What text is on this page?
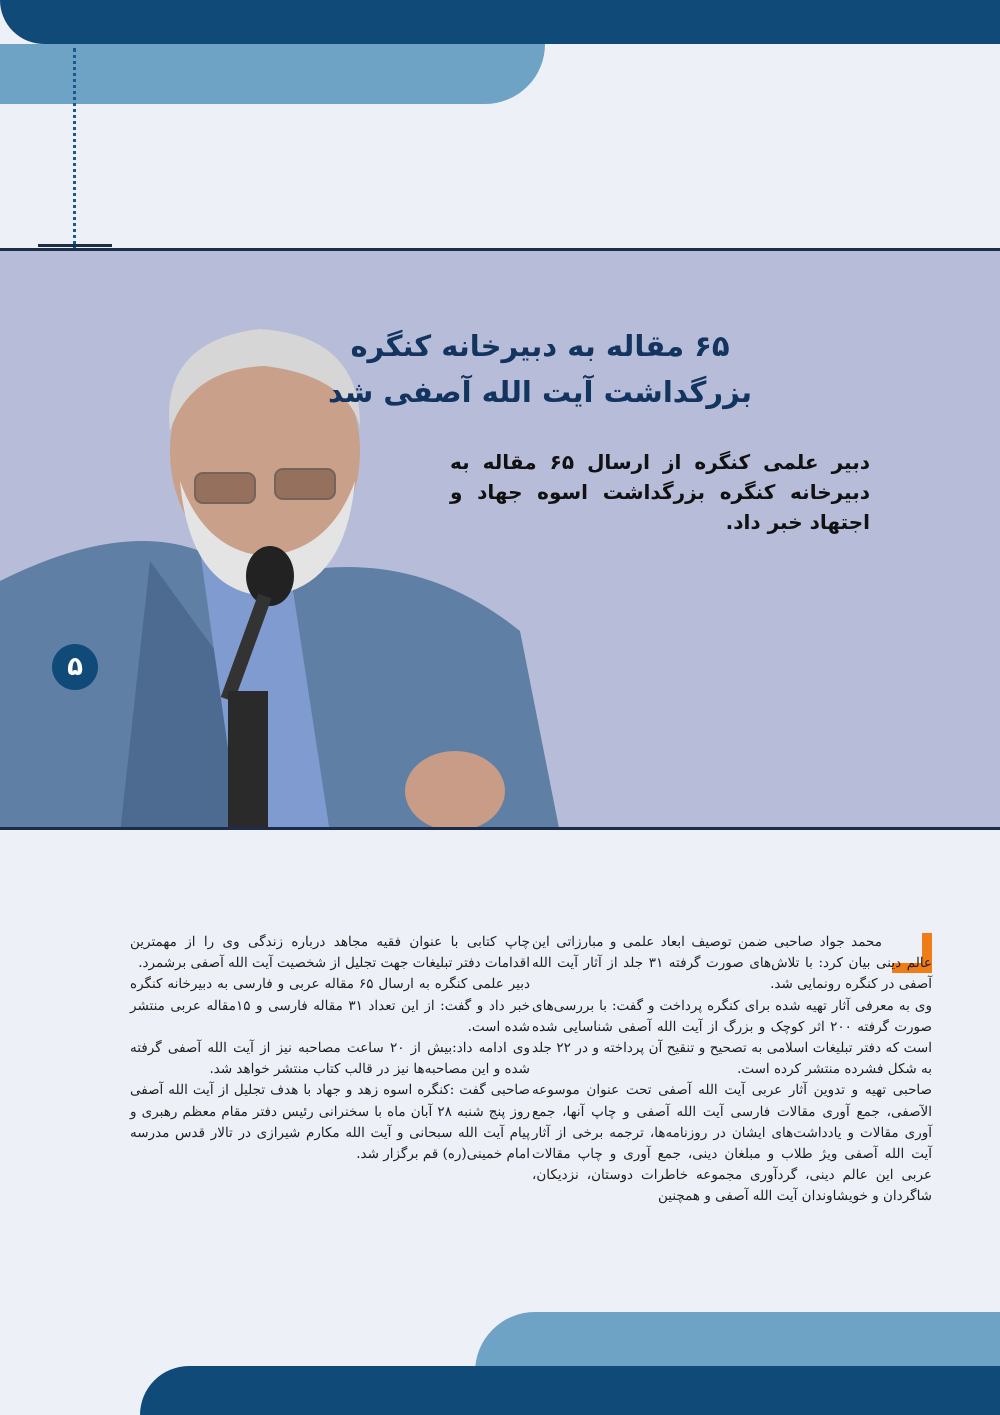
۶۵ مقاله به دبیرخانه کنگره
بزرگداشت آیت الله آصفی شد
دبیر علمی کنگره از ارسال ۶۵ مقاله به دبیرخانه کنگره بزرگداشت اسوه جهاد و اجتهاد خبر داد.
۵

محمد جواد صاحبی ضمن توصیف ابعاد علمی و مبارزاتی این عالم دینی بیان کرد: با تلاش‌های صورت گرفته ۳۱ جلد از آثار آیت الله آصفی در کنگره رونمایی شد.

وی به معرفی آثار تهیه شده برای کنگره پرداخت و گفت: با بررسی‌های صورت گرفته ۲۰۰ اثر کوچک و بزرگ از آیت الله آصفی شناسایی شده است که دفتر تبلیغات اسلامی به تصحیح و تنقیح آن پرداخته و در ۲۲ جلد به شکل فشرده منتشر کرده است.

صاحبی تهیه و تدوین آثار عربی آیت الله آصفی تحت عنوان موسوعه الآصفی، جمع آوری مقالات فارسی آیت الله آصفی و چاپ آنها، جمع آوری مقالات و یادداشت‌های ایشان در روزنامه‌ها، ترجمه برخی از آثار آیت الله آصفی ویژ طلاب و مبلغان دینی، جمع آوری و چاپ مقالات عربی این عالم دینی، گردآوری مجموعه خاطرات دوستان، نزدیکان، شاگردان و خویشاوندان آیت الله آصفی و همچنین

چاپ کتابی با عنوان فقیه مجاهد درباره زندگی وی را از مهمترین اقدامات دفتر تبلیغات جهت تجلیل از شخصیت آیت الله آصفی برشمرد.

دبیر علمی کنگره به ارسال ۶۵ مقاله عربی و فارسی به دبیرخانه کنگره خبر داد و گفت: از این تعداد ۳۱ مقاله فارسی و ۱۵مقاله عربی منتشر شده است.

وی ادامه داد:بیش از ۲۰ ساعت مصاحبه نیز از آیت الله آصفی گرفته شده و این مصاحبه‌ها نیز در قالب کتاب منتشر خواهد شد.

صاحبی گفت :کنگره اسوه زهد و جهاد با هدف تجلیل از آیت الله آصفی روز پنج شنبه ۲۸ آبان ماه با سخنرانی رئیس دفتر مقام معظم رهبری و پیام آیت الله سبحانی و آیت الله مکارم شیرازی در تالار قدس مدرسه امام خمینی(ره) قم برگزار شد.
